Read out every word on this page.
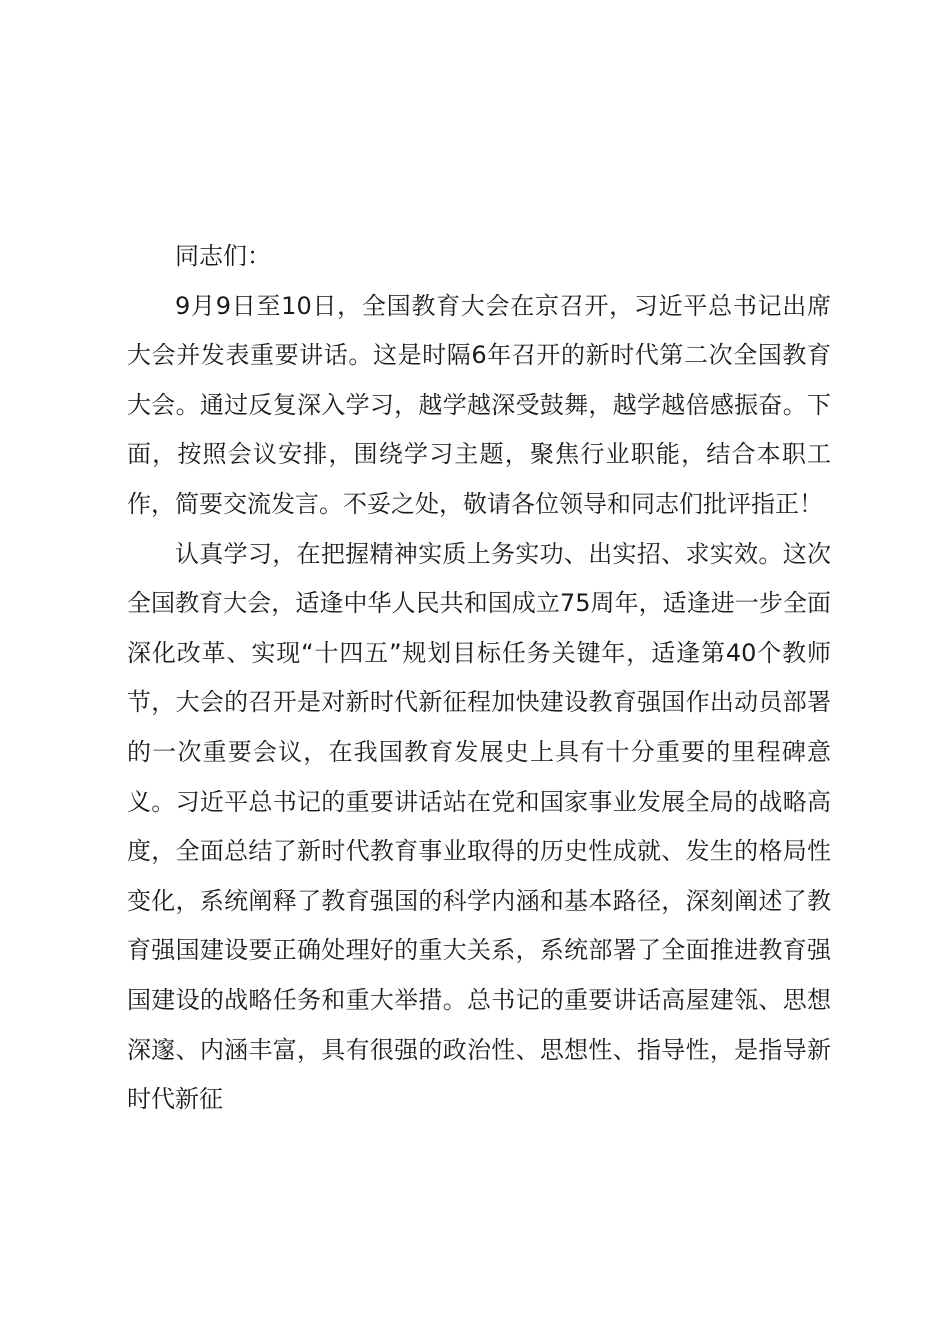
同志们：

9月9日至10日，全国教育大会在京召开，习近平总书记出席大会并发表重要讲话。这是时隔6年召开的新时代第二次全国教育大会。通过反复深入学习，越学越深受鼓舞，越学越倍感振奋。下面，按照会议安排，围绕学习主题，聚焦行业职能，结合本职工作，简要交流发言。不妥之处，敬请各位领导和同志们批评指正！

认真学习，在把握精神实质上务实功、出实招、求实效。这次全国教育大会，适逢中华人民共和国成立75周年，适逢进一步全面深化改革、实现“十四五”规划目标任务关键年，适逢第40个教师节，大会的召开是对新时代新征程加快建设教育强国作出动员部署的一次重要会议，在我国教育发展史上具有十分重要的里程碑意义。习近平总书记的重要讲话站在党和国家事业发展全局的战略高度，全面总结了新时代教育事业取得的历史性成就、发生的格局性变化，系统阐释了教育强国的科学内涵和基本路径，深刻阐述了教育强国建设要正确处理好的重大关系，系统部署了全面推进教育强国建设的战略任务和重大举措。总书记的重要讲话高屋建瓴、思想深邃、内涵丰富，具有很强的政治性、思想性、指导性，是指导新时代新征
